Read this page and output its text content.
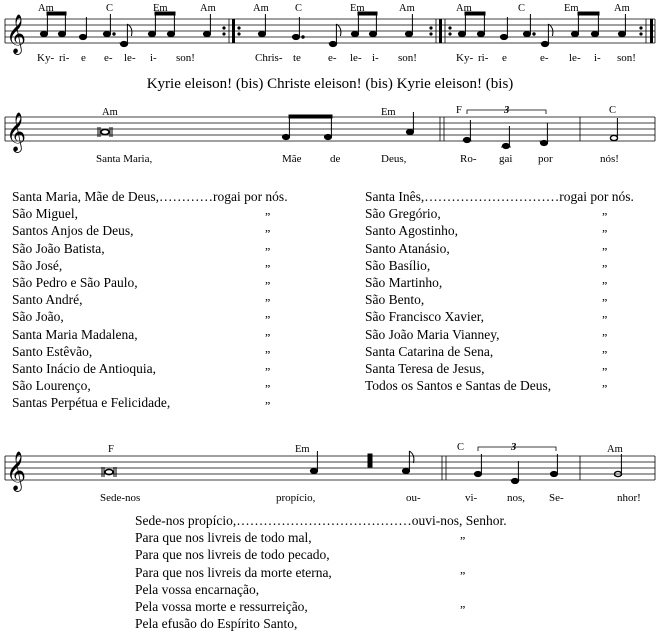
𝄞
Am	C	Em	Am	Am	C	Em	Am	Am	C	Em	Am
Ky- ri- e e- le- i- son!	Chris- te e- le- i- son!	Ky- ri- e	e- le- i- son!
Kyrie eleison! (bis) Christe eleison! (bis) Kyrie eleison! (bis)
𝄞	Am	Em	F	3	C
Santa Maria,	Mãe	de	Deus,	Ro- gai por	nós!
Santa Maria, Mãe de Deus,…………rogai por nós.
São Miguel,	„
Santos Anjos de Deus,	„
São João Batista,	„
São José,	„
São Pedro e São Paulo,	„
Santo André,	„
São João,	„
Santa Maria Madalena,	„
Santo Estêvão,	„
Santo Inácio de Antioquia,	„
São Lourenço,	„
Santas Perpétua e Felicidade,	„
Santa Inês,…………………………rogai por nós.
São Gregório,	„
Santo Agostinho,	„
Santo Atanásio,	„
São Basílio,	„
São Martinho,	„
São Bento,	„
São Francisco Xavier,	„
São João Maria Vianney,	„
Santa Catarina de Sena,	„
Santa Teresa de Jesus,	„
Todos os Santos e Santas de Deus,	„
𝄞
F	Em	C	3	Am
Sede-nos	propício,	ou-	vi-	nos, Se-	nhor!
Sede-nos propício,…………………………………ouvi-nos, Senhor.
Para que nos livreis de todo mal,	„
Para que nos livreis de todo pecado,
Para que nos livreis da morte eterna,	„
Pela vossa encarnação,
Pela vossa morte e ressurreição,	„
Pela efusão do Espírito Santo,
